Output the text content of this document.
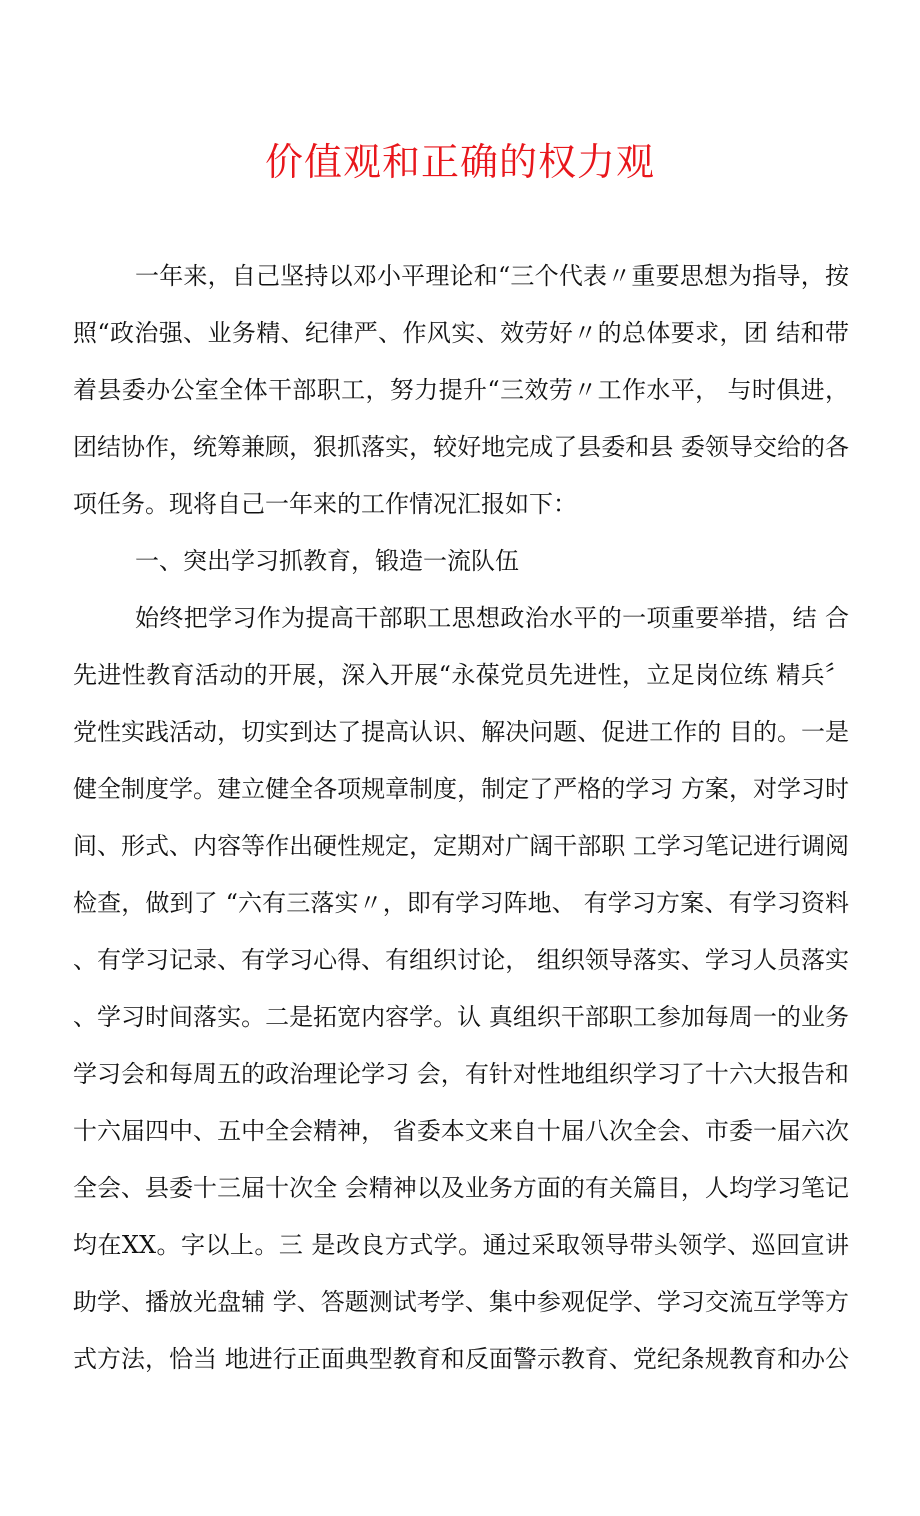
价值观和正确的权力观
一年来，自己坚持以邓小平理论和“三个代表〃重要思想为指导，按
照“政治强、业务精、纪律严、作风实、效劳好〃的总体要求，团 结和带
着县委办公室全体干部职工，努力提升“三效劳〃工作水平， 与时俱进，
团结协作，统筹兼顾，狠抓落实，较好地完成了县委和县 委领导交给的各
项任务。现将自己一年来的工作情况汇报如下：
一、突出学习抓教育，锻造一流队伍
始终把学习作为提高干部职工思想政治水平的一项重要举措，结 合
先进性教育活动的开展，深入开展“永葆党员先进性，立足岗位练 精兵〞
党性实践活动，切实到达了提高认识、解决问题、促进工作的 目的。一是
健全制度学。建立健全各项规章制度，制定了严格的学习 方案，对学习时
间、形式、内容等作出硬性规定，定期对广阔干部职 工学习笔记进行调阅
检查，做到了 “六有三落实〃，即有学习阵地、 有学习方案、有学习资料
、有学习记录、有学习心得、有组织讨论， 组织领导落实、学习人员落实
、学习时间落实。二是拓宽内容学。认 真组织干部职工参加每周一的业务
学习会和每周五的政治理论学习 会，有针对性地组织学习了十六大报告和
十六届四中、五中全会精神， 省委本文来自十届八次全会、市委一届六次
全会、县委十三届十次全 会精神以及业务方面的有关篇目，人均学习笔记
均在XX。字以上。三 是改良方式学。通过采取领导带头领学、巡回宣讲
助学、播放光盘辅 学、答题测试考学、集中参观促学、学习交流互学等方
式方法，恰当 地进行正面典型教育和反面警示教育、党纪条规教育和办公
